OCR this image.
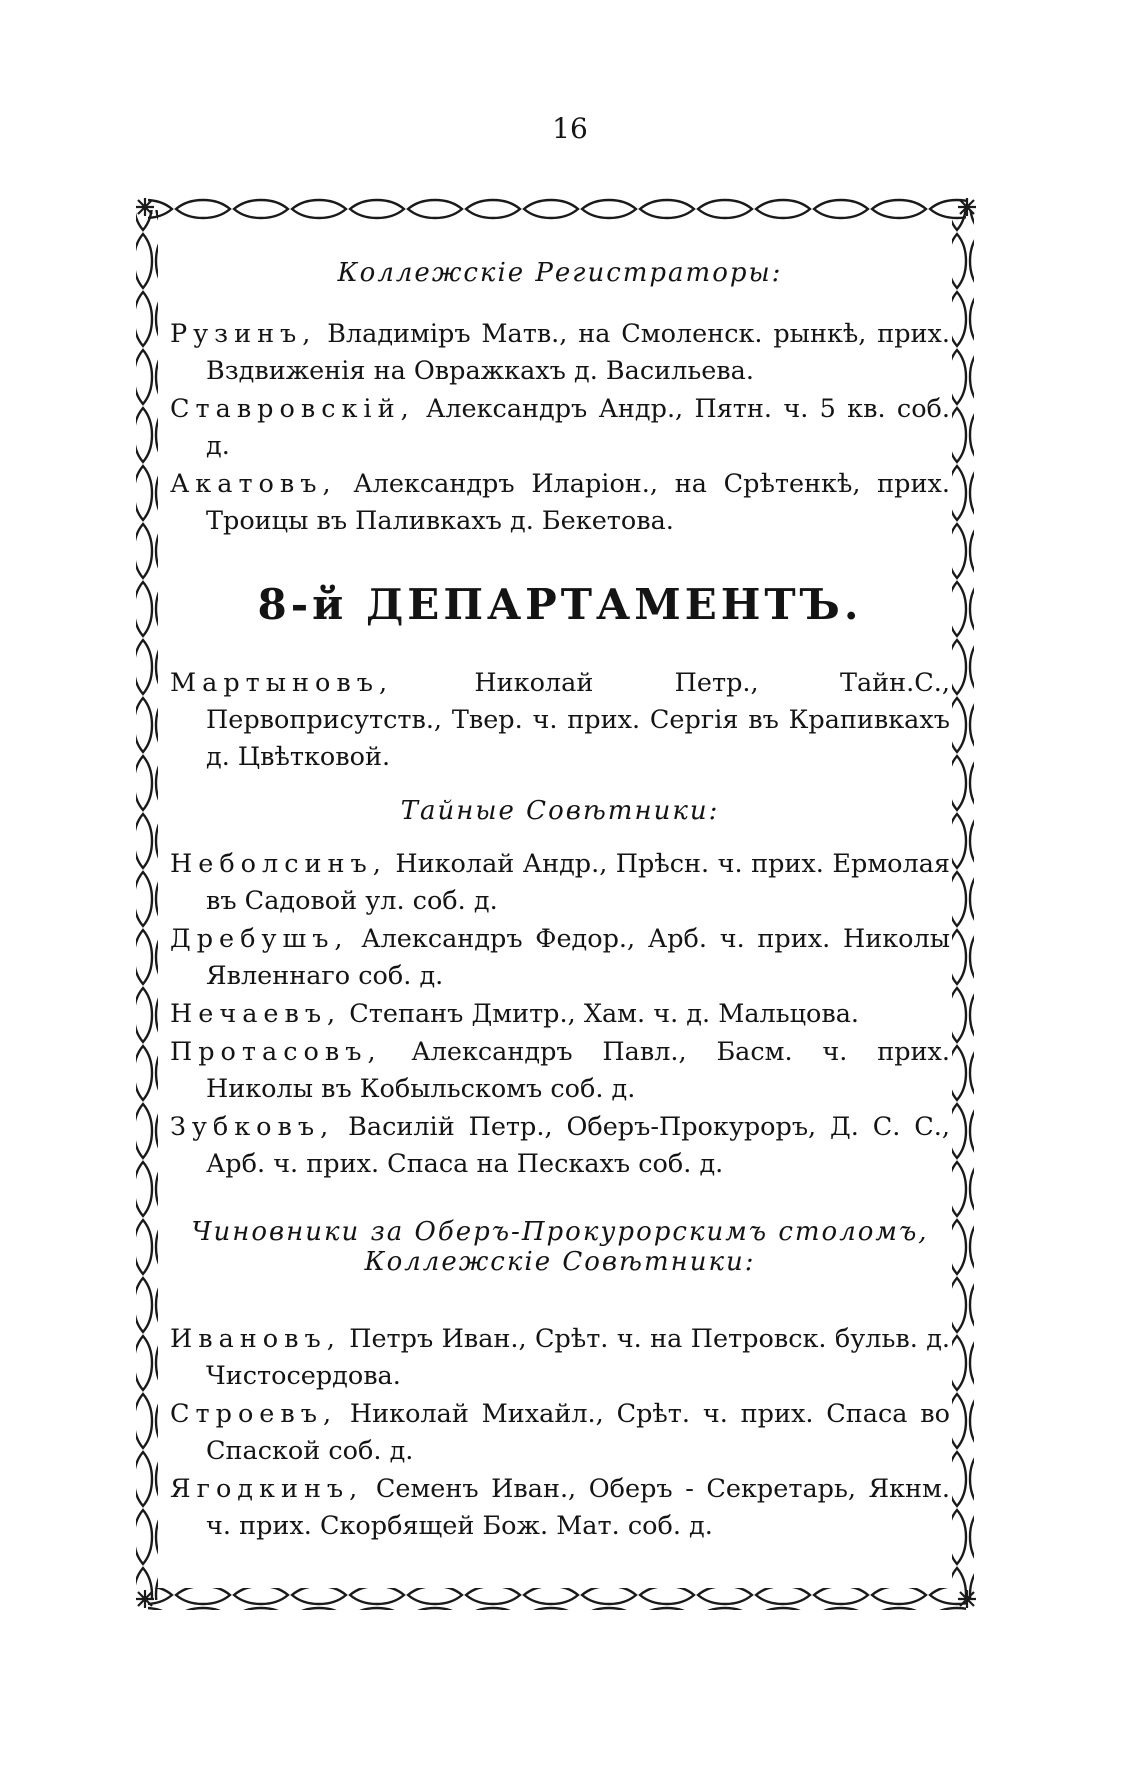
16

Коллежскіе Регистраторы:

Рузинъ, Владиміръ Матв., на Смоленск. рынкѣ, прих. Вздвиженія на Овражкахъ д. Васильева.

Ставровскій, Александръ Андр., Пятн. ч. 5 кв. соб. д.

Акатовъ, Александръ Иларіон., на Срѣтенкѣ, прих. Троицы въ Паливкахъ д. Бекетова.

8-й ДЕПАРТАМЕНТЪ.

Мартыновъ, Николай Петр., Тайн.С., Первоприсутств., Твер. ч. прих. Сергія въ Крапивкахъ д. Цвѣтковой.

Тайные Совѣтники:

Неболсинъ, Николай Андр., Прѣсн. ч. прих. Ермолая въ Садовой ул. соб. д.

Дребушъ, Александръ Федор., Арб. ч. прих. Николы Явленнаго соб. д.

Нечаевъ, Степанъ Дмитр., Хам. ч. д. Мальцова.

Протасовъ, Александръ Павл., Басм. ч. прих. Николы въ Кобыльскомъ соб. д.

Зубковъ, Василій Петр., Оберъ-Прокуроръ, Д. С. С., Арб. ч. прих. Спаса на Пескахъ соб. д.

Чиновники за Оберъ-Прокурорскимъ столомъ,

Коллежскіе Совѣтники:

Ивановъ, Петръ Иван., Срѣт. ч. на Петровск. бульв. д. Чистосердова.

Строевъ, Николай Михайл., Срѣт. ч. прих. Спаса во Спаской соб. д.

Ягодкинъ, Семенъ Иван., Оберъ - Секретарь, Якнм. ч. прих. Скорбящей Бож. Мат. соб. д.
